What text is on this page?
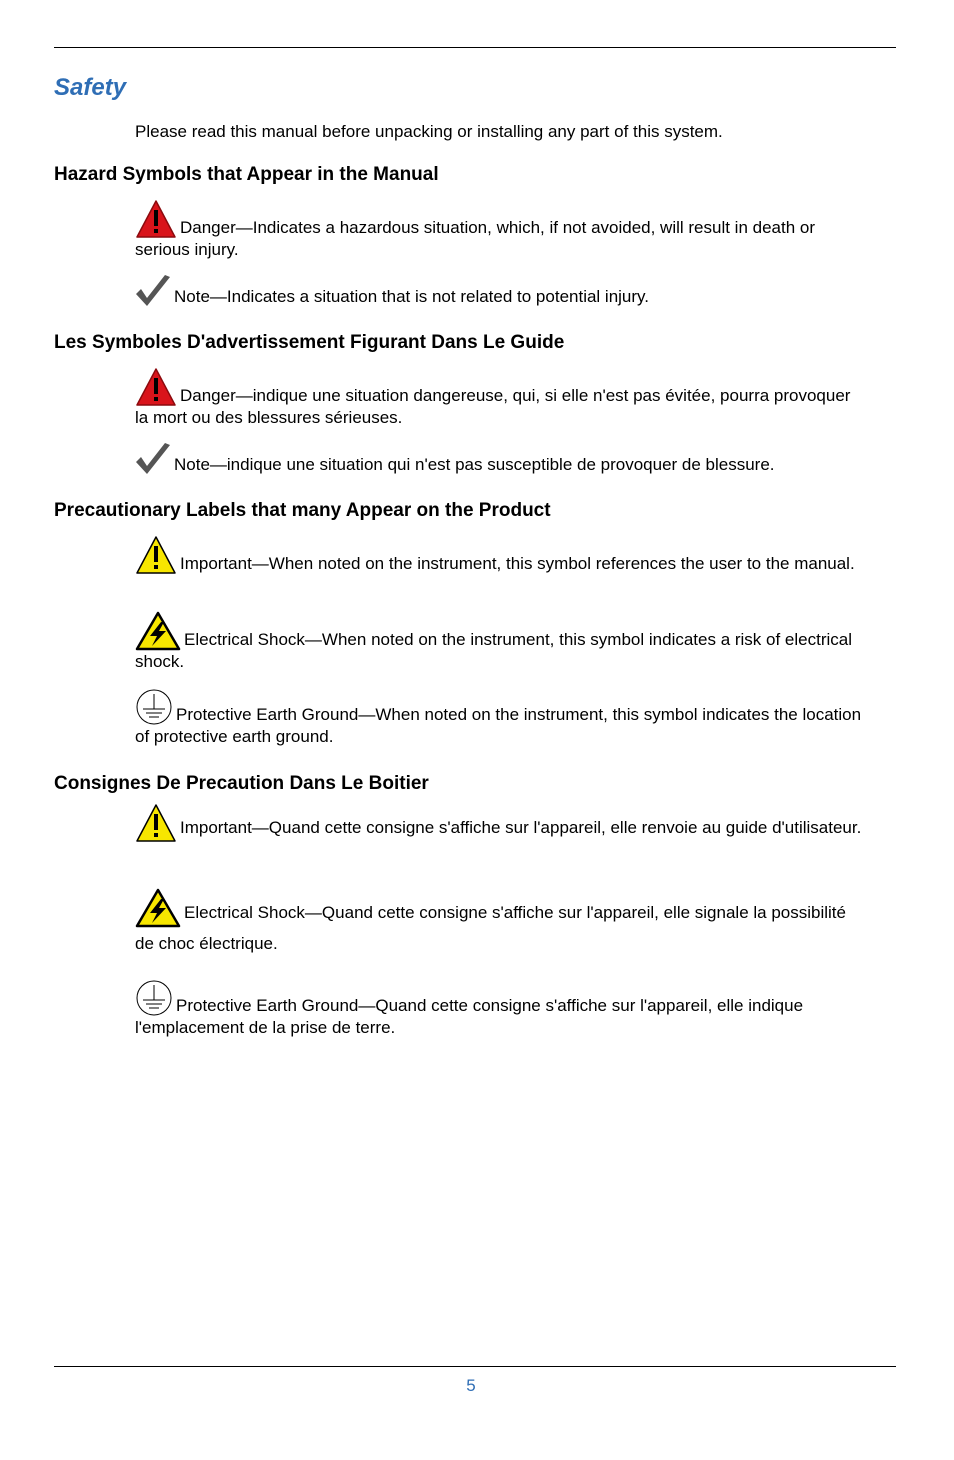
Safety

Please read this manual before unpacking or installing any part of this system.

Hazard Symbols that Appear in the Manual
Danger—Indicates a hazardous situation, which, if not avoided, will result in death or serious injury.
Note—Indicates a situation that is not related to potential injury.
Les Symboles D'advertissement Figurant Dans Le Guide
Danger—indique une situation dangereuse, qui, si elle n'est pas évitée, pourra provoquer la mort ou des blessures sérieuses.
Note—indique une situation qui n'est pas susceptible de provoquer de blessure.
Precautionary Labels that many Appear on the Product
Important—When noted on the instrument, this symbol references the user to the manual.
Electrical Shock—When noted on the instrument, this symbol indicates a risk of electrical shock.
Protective Earth Ground—When noted on the instrument, this symbol indicates the location of protective earth ground.
Consignes De Precaution Dans Le Boitier
Important—Quand cette consigne s'affiche sur l'appareil, elle renvoie au guide d'utilisateur.
Electrical Shock—Quand cette consigne s'affiche sur l'appareil, elle signale la possibilité de choc électrique.
Protective Earth Ground—Quand cette consigne s'affiche sur l'appareil, elle indique l'emplacement de la prise de terre.
5
